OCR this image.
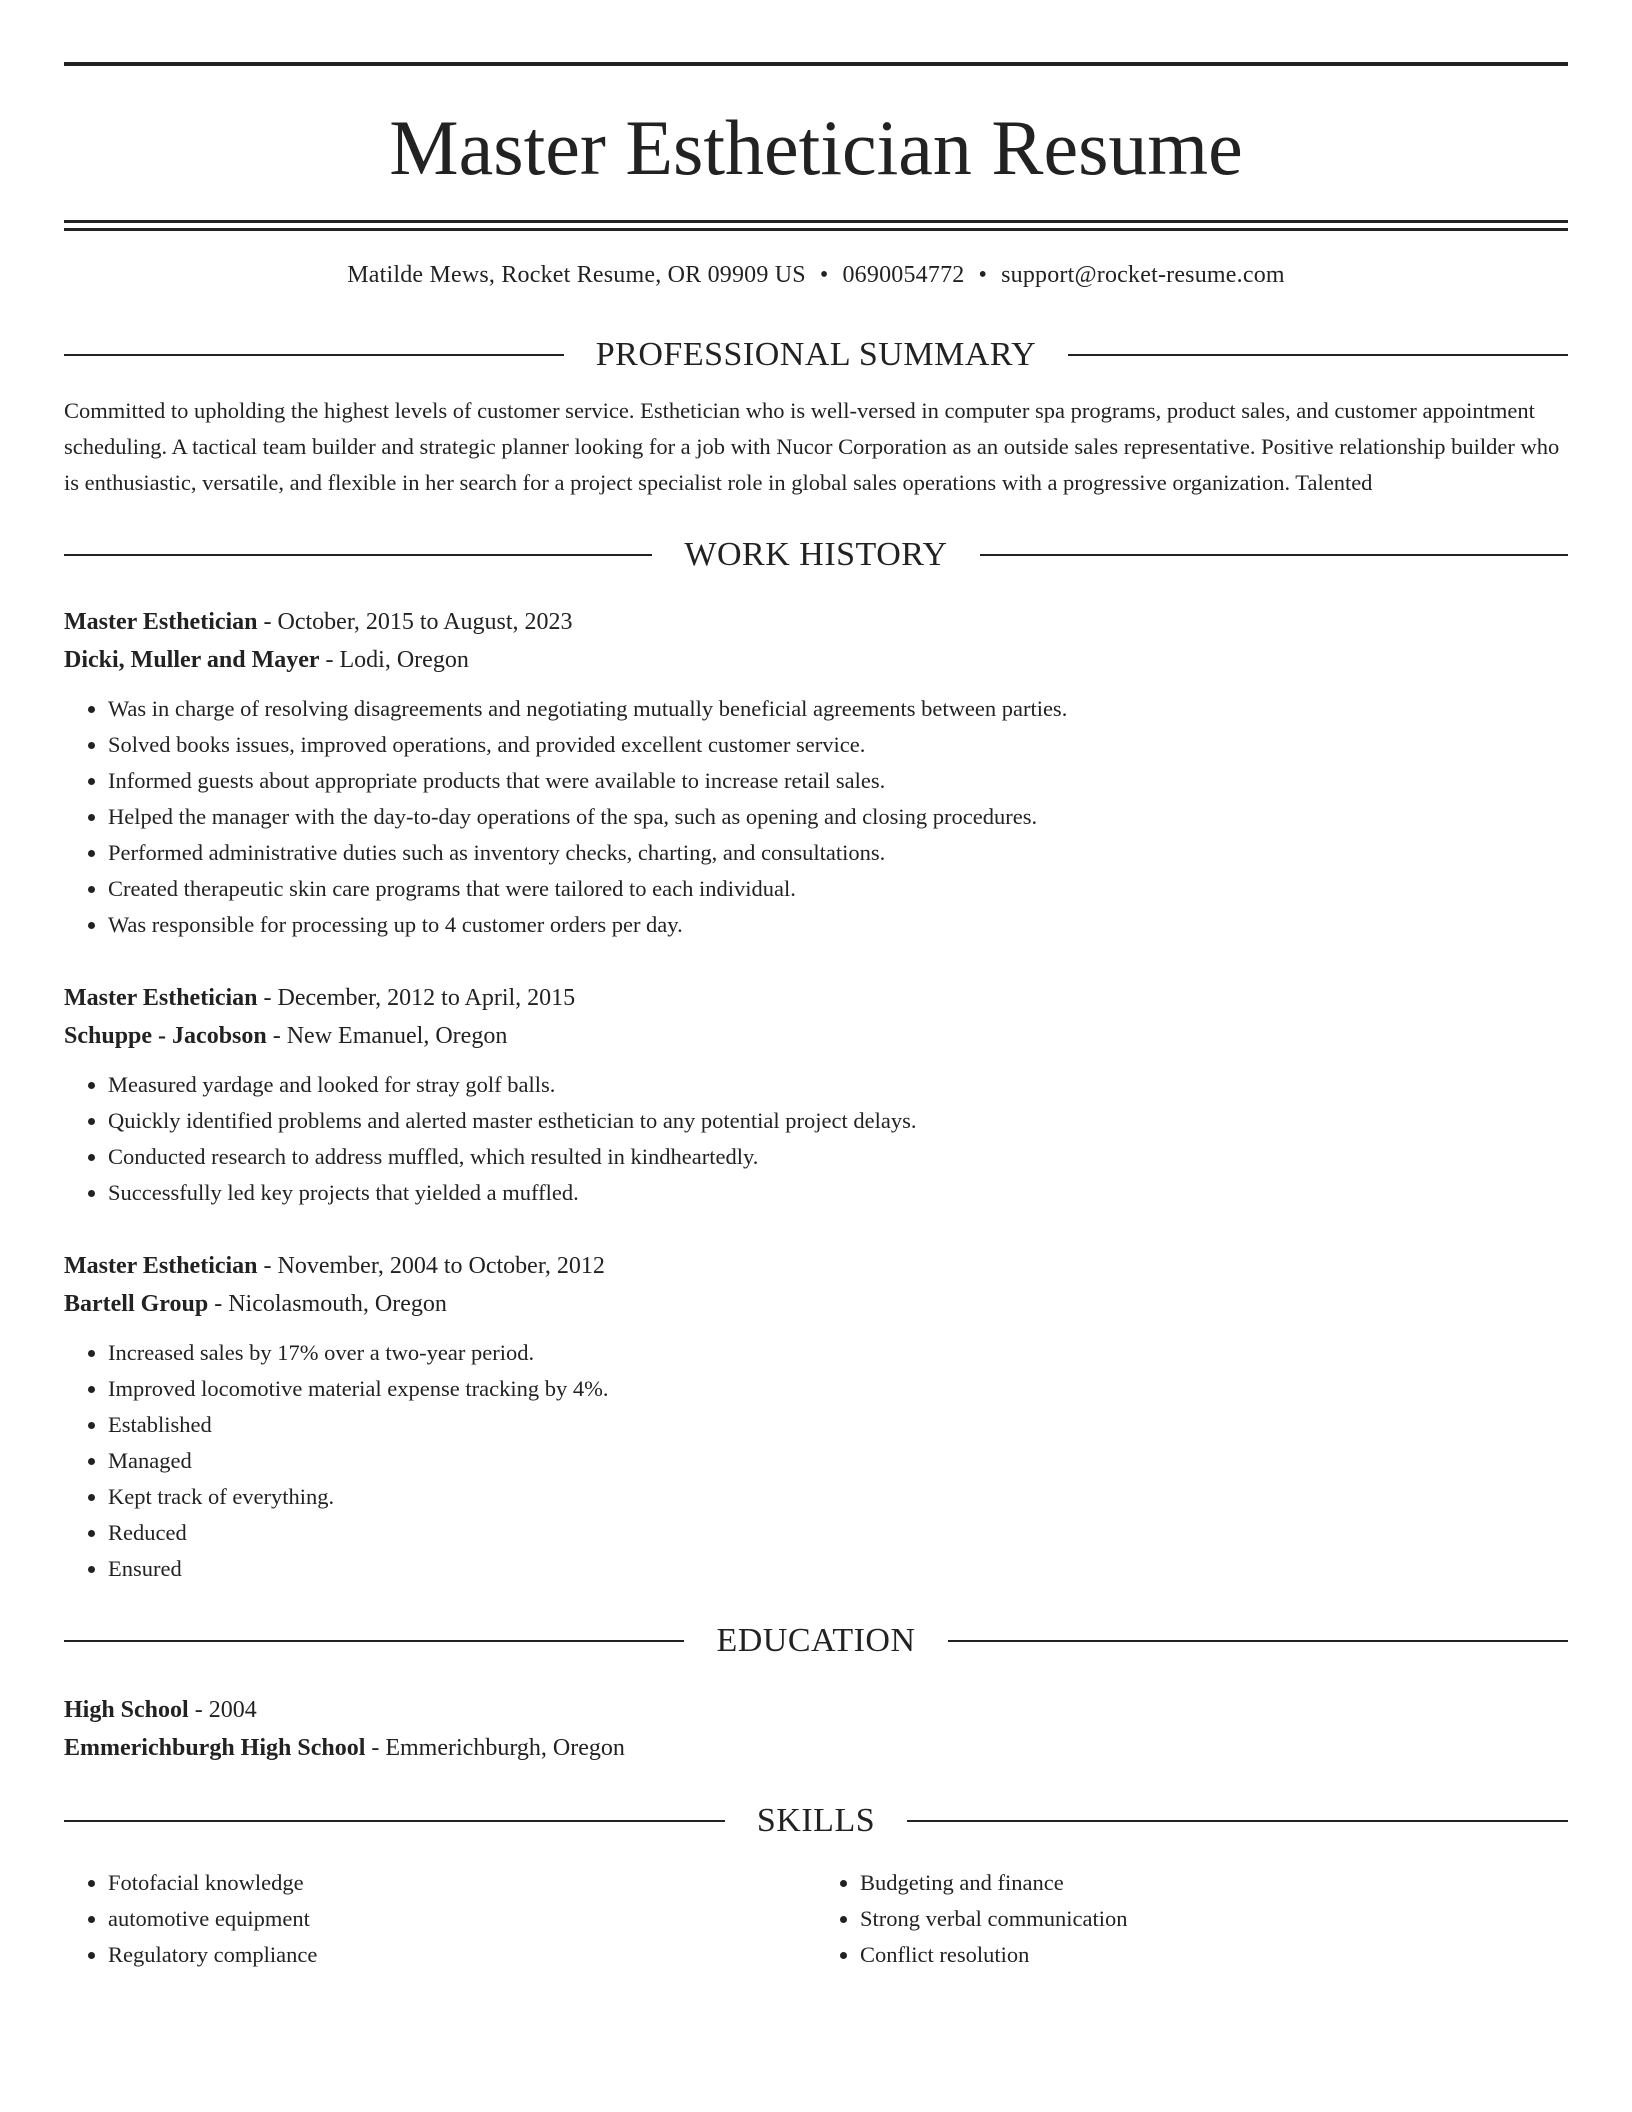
Master Esthetician Resume
Matilde Mews, Rocket Resume, OR 09909 US • 0690054772 • support@rocket-resume.com
PROFESSIONAL SUMMARY
Committed to upholding the highest levels of customer service. Esthetician who is well-versed in computer spa programs, product sales, and customer appointment scheduling. A tactical team builder and strategic planner looking for a job with Nucor Corporation as an outside sales representative. Positive relationship builder who is enthusiastic, versatile, and flexible in her search for a project specialist role in global sales operations with a progressive organization. Talented
WORK HISTORY
Master Esthetician - October, 2015 to August, 2023
Dicki, Muller and Mayer - Lodi, Oregon
• Was in charge of resolving disagreements and negotiating mutually beneficial agreements between parties.
• Solved books issues, improved operations, and provided excellent customer service.
• Informed guests about appropriate products that were available to increase retail sales.
• Helped the manager with the day-to-day operations of the spa, such as opening and closing procedures.
• Performed administrative duties such as inventory checks, charting, and consultations.
• Created therapeutic skin care programs that were tailored to each individual.
• Was responsible for processing up to 4 customer orders per day.
Master Esthetician - December, 2012 to April, 2015
Schuppe - Jacobson - New Emanuel, Oregon
• Measured yardage and looked for stray golf balls.
• Quickly identified problems and alerted master esthetician to any potential project delays.
• Conducted research to address muffled, which resulted in kindheartedly.
• Successfully led key projects that yielded a muffled.
Master Esthetician - November, 2004 to October, 2012
Bartell Group - Nicolasmouth, Oregon
• Increased sales by 17% over a two-year period.
• Improved locomotive material expense tracking by 4%.
• Established
• Managed
• Kept track of everything.
• Reduced
• Ensured
EDUCATION
High School - 2004
Emmerichburgh High School - Emmerichburgh, Oregon
SKILLS
• Fotofacial knowledge
• automotive equipment
• Regulatory compliance
• Budgeting and finance
• Strong verbal communication
• Conflict resolution
